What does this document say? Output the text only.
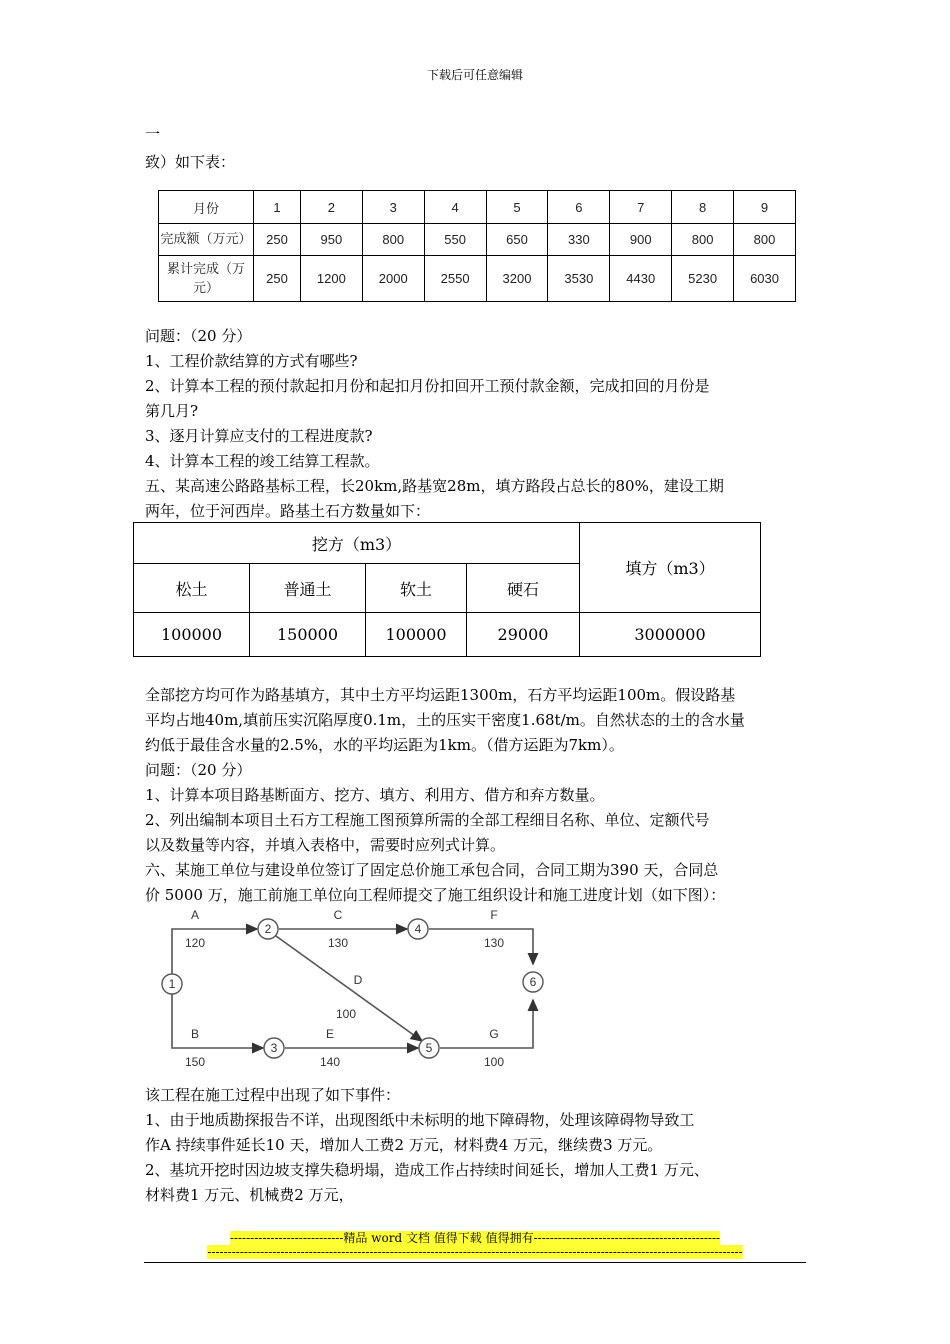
下载后可任意编辑
一
致）如下表：
月份	1	2	3	4	5	6	7	8	9
完成额（万元）	250	950	800	550	650	330	900	800	800
累计完成（万元）	250	1200	2000	2550	3200	3530	4430	5230	6030
问题：（20 分）
1、工程价款结算的方式有哪些?
2、计算本工程的预付款起扣月份和起扣月份扣回开工预付款金额，完成扣回的月份是
第几月?
3、逐月计算应支付的工程进度款?
4、计算本工程的竣工结算工程款。
五、某高速公路路基标工程，长20km,路基宽28m，填方路段占总长的80%，建设工期
两年，位于河西岸。路基土石方数量如下：
挖方（m3）				填方（m3）
松土	普通土	软土	硬石	
100000	150000	100000	29000	3000000
全部挖方均可作为路基填方，其中土方平均运距1300m，石方平均运距100m。假设路基
平均占地40m,填前压实沉陷厚度0.1m，土的压实干密度1.68t/m。自然状态的土的含水量
约低于最佳含水量的2.5%，水的平均运距为1km。（借方运距为7km）。
问题：（20 分）
1、计算本项目路基断面方、挖方、填方、利用方、借方和弃方数量。
2、列出编制本项目土石方工程施工图预算所需的全部工程细目名称、单位、定额代号
以及数量等内容，并填入表格中，需要时应列式计算。
六、某施工单位与建设单位签订了固定总价施工承包合同，合同工期为390 天，合同总
价 5000 万，施工前施工单位向工程师提交了施工组织设计和施工进度计划（如下图）：
1
2
3
4
5
6
A
120
C
130
F
130
D
100
B
150
E
140
G
100
该工程在施工过程中出现了如下事件：
1、由于地质勘探报告不详，出现图纸中未标明的地下障碍物，处理该障碍物导致工
作A 持续事件延长10 天，增加人工费2 万元，材料费4 万元，继续费3 万元。
2、基坑开挖时因边坡支撑失稳坍塌，造成工作占持续时间延长，增加人工费1 万元、
材料费1 万元、机械费2 万元，
----------------------------精品 word 文档 值得下载 值得拥有----------------------------------------------
------------------------------------------------------------------------------------------------------------------------------------
